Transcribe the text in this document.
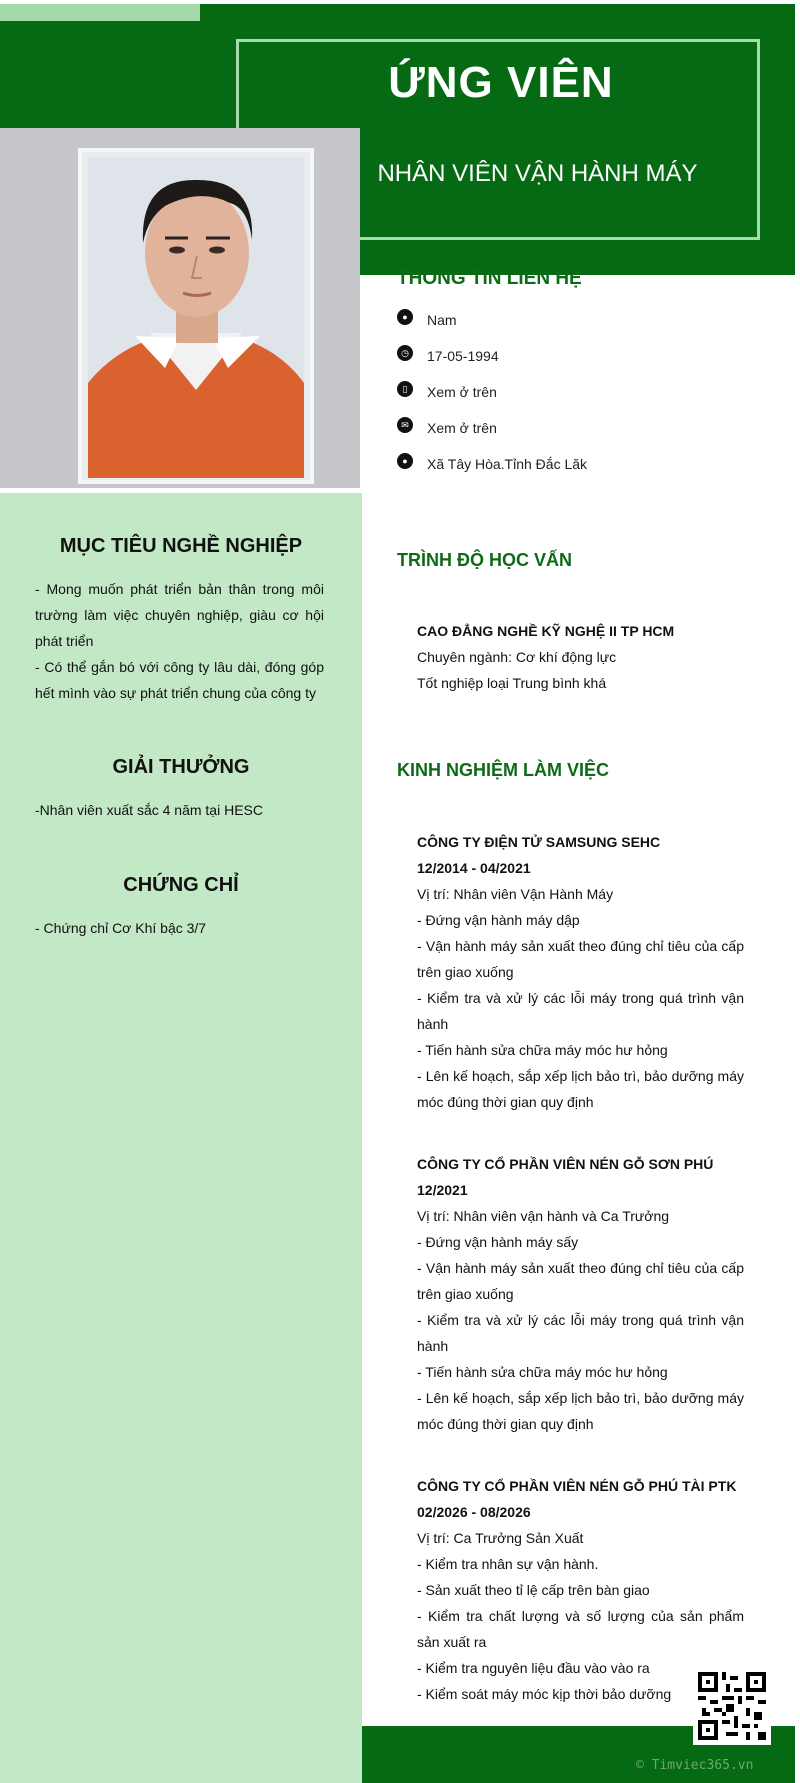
ỨNG VIÊN
NHÂN VIÊN VẬN HÀNH MÁY
THÔNG TIN LIÊN HỆ
●	Nam
◷ 17-05-1994
▯	Xem ở trên
✉	Xem ở trên
●	Xã Tây Hòa.Tỉnh Đắc Lăk
MỤC TIÊU NGHỀ NGHIỆP

- Mong muốn phát triển bản thân trong môi trường làm việc chuyên nghiệp, giàu cơ hội phát triển

- Có thể gắn bó với công ty lâu dài, đóng góp hết mình vào sự phát triển chung của công ty

GIẢI THƯỞNG
-Nhân viên xuất sắc 4 năm tại HESC
CHỨNG CHỈ
- Chứng chỉ Cơ Khí bậc 3/7
TRÌNH ĐỘ HỌC VẤN

CAO ĐẲNG NGHỀ KỸ NGHỆ II TP HCM

Chuyên ngành: Cơ khí động lực

Tốt nghiệp loại Trung bình khá

KINH NGHIỆM LÀM VIỆC

CÔNG TY ĐIỆN TỬ SAMSUNG SEHC

12/2014 - 04/2021

Vị trí: Nhân viên Vận Hành Máy

- Đứng vận hành máy dập

- Vận hành máy sản xuất theo đúng chỉ tiêu của cấp trên giao xuống

- Kiểm tra và xử lý các lỗi máy trong quá trình vận hành

- Tiến hành sửa chữa máy móc hư hỏng

- Lên kế hoạch, sắp xếp lịch bảo trì, bảo dưỡng máy móc đúng thời gian quy định

CÔNG TY CỔ PHẦN VIÊN NÉN GỖ SƠN PHÚ

12/2021

Vị trí: Nhân viên vận hành và Ca Trưởng

- Đứng vận hành máy sấy

- Vận hành máy sản xuất theo đúng chỉ tiêu của cấp trên giao xuống

- Kiểm tra và xử lý các lỗi máy trong quá trình vận hành

- Tiến hành sửa chữa máy móc hư hỏng

- Lên kế hoạch, sắp xếp lịch bảo trì, bảo dưỡng máy móc đúng thời gian quy định

CÔNG TY CỔ PHẦN VIÊN NÉN GỖ PHÚ TÀI PTK

02/2026 - 08/2026

Vị trí: Ca Trưởng Sản Xuất

- Kiểm tra nhân sự vận hành.

- Sản xuất theo tỉ lệ cấp trên bàn giao

- Kiểm tra chất lượng và số lượng của sản phẩm sản xuất ra

- Kiểm tra nguyên liệu đầu vào vào ra

- Kiểm soát máy móc kịp thời bảo dưỡng

© Timviec365.vn
